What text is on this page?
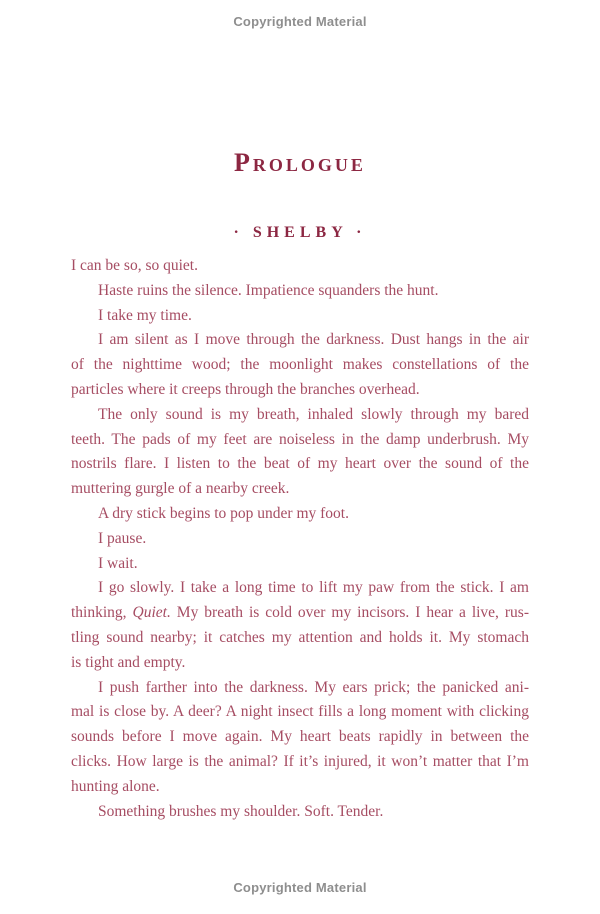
Copyrighted Material
Prologue
· SHELBY ·
I can be so, so quiet.
Haste ruins the silence. Impatience squanders the hunt.
I take my time.
I am silent as I move through the darkness. Dust hangs in the air
of the nighttime wood; the moonlight makes constellations of the
particles where it creeps through the branches overhead.
The only sound is my breath, inhaled slowly through my bared
teeth. The pads of my feet are noiseless in the damp underbrush. My
nostrils flare. I listen to the beat of my heart over the sound of the
muttering gurgle of a nearby creek.
A dry stick begins to pop under my foot.
I pause.
I wait.
I go slowly. I take a long time to lift my paw from the stick. I am
thinking, Quiet. My breath is cold over my incisors. I hear a live, rus-
tling sound nearby; it catches my attention and holds it. My stomach
is tight and empty.
I push farther into the darkness. My ears prick; the panicked ani-
mal is close by. A deer? A night insect fills a long moment with clicking
sounds before I move again. My heart beats rapidly in between the
clicks. How large is the animal? If it’s injured, it won’t matter that I’m
hunting alone.
Something brushes my shoulder. Soft. Tender.
Copyrighted Material
